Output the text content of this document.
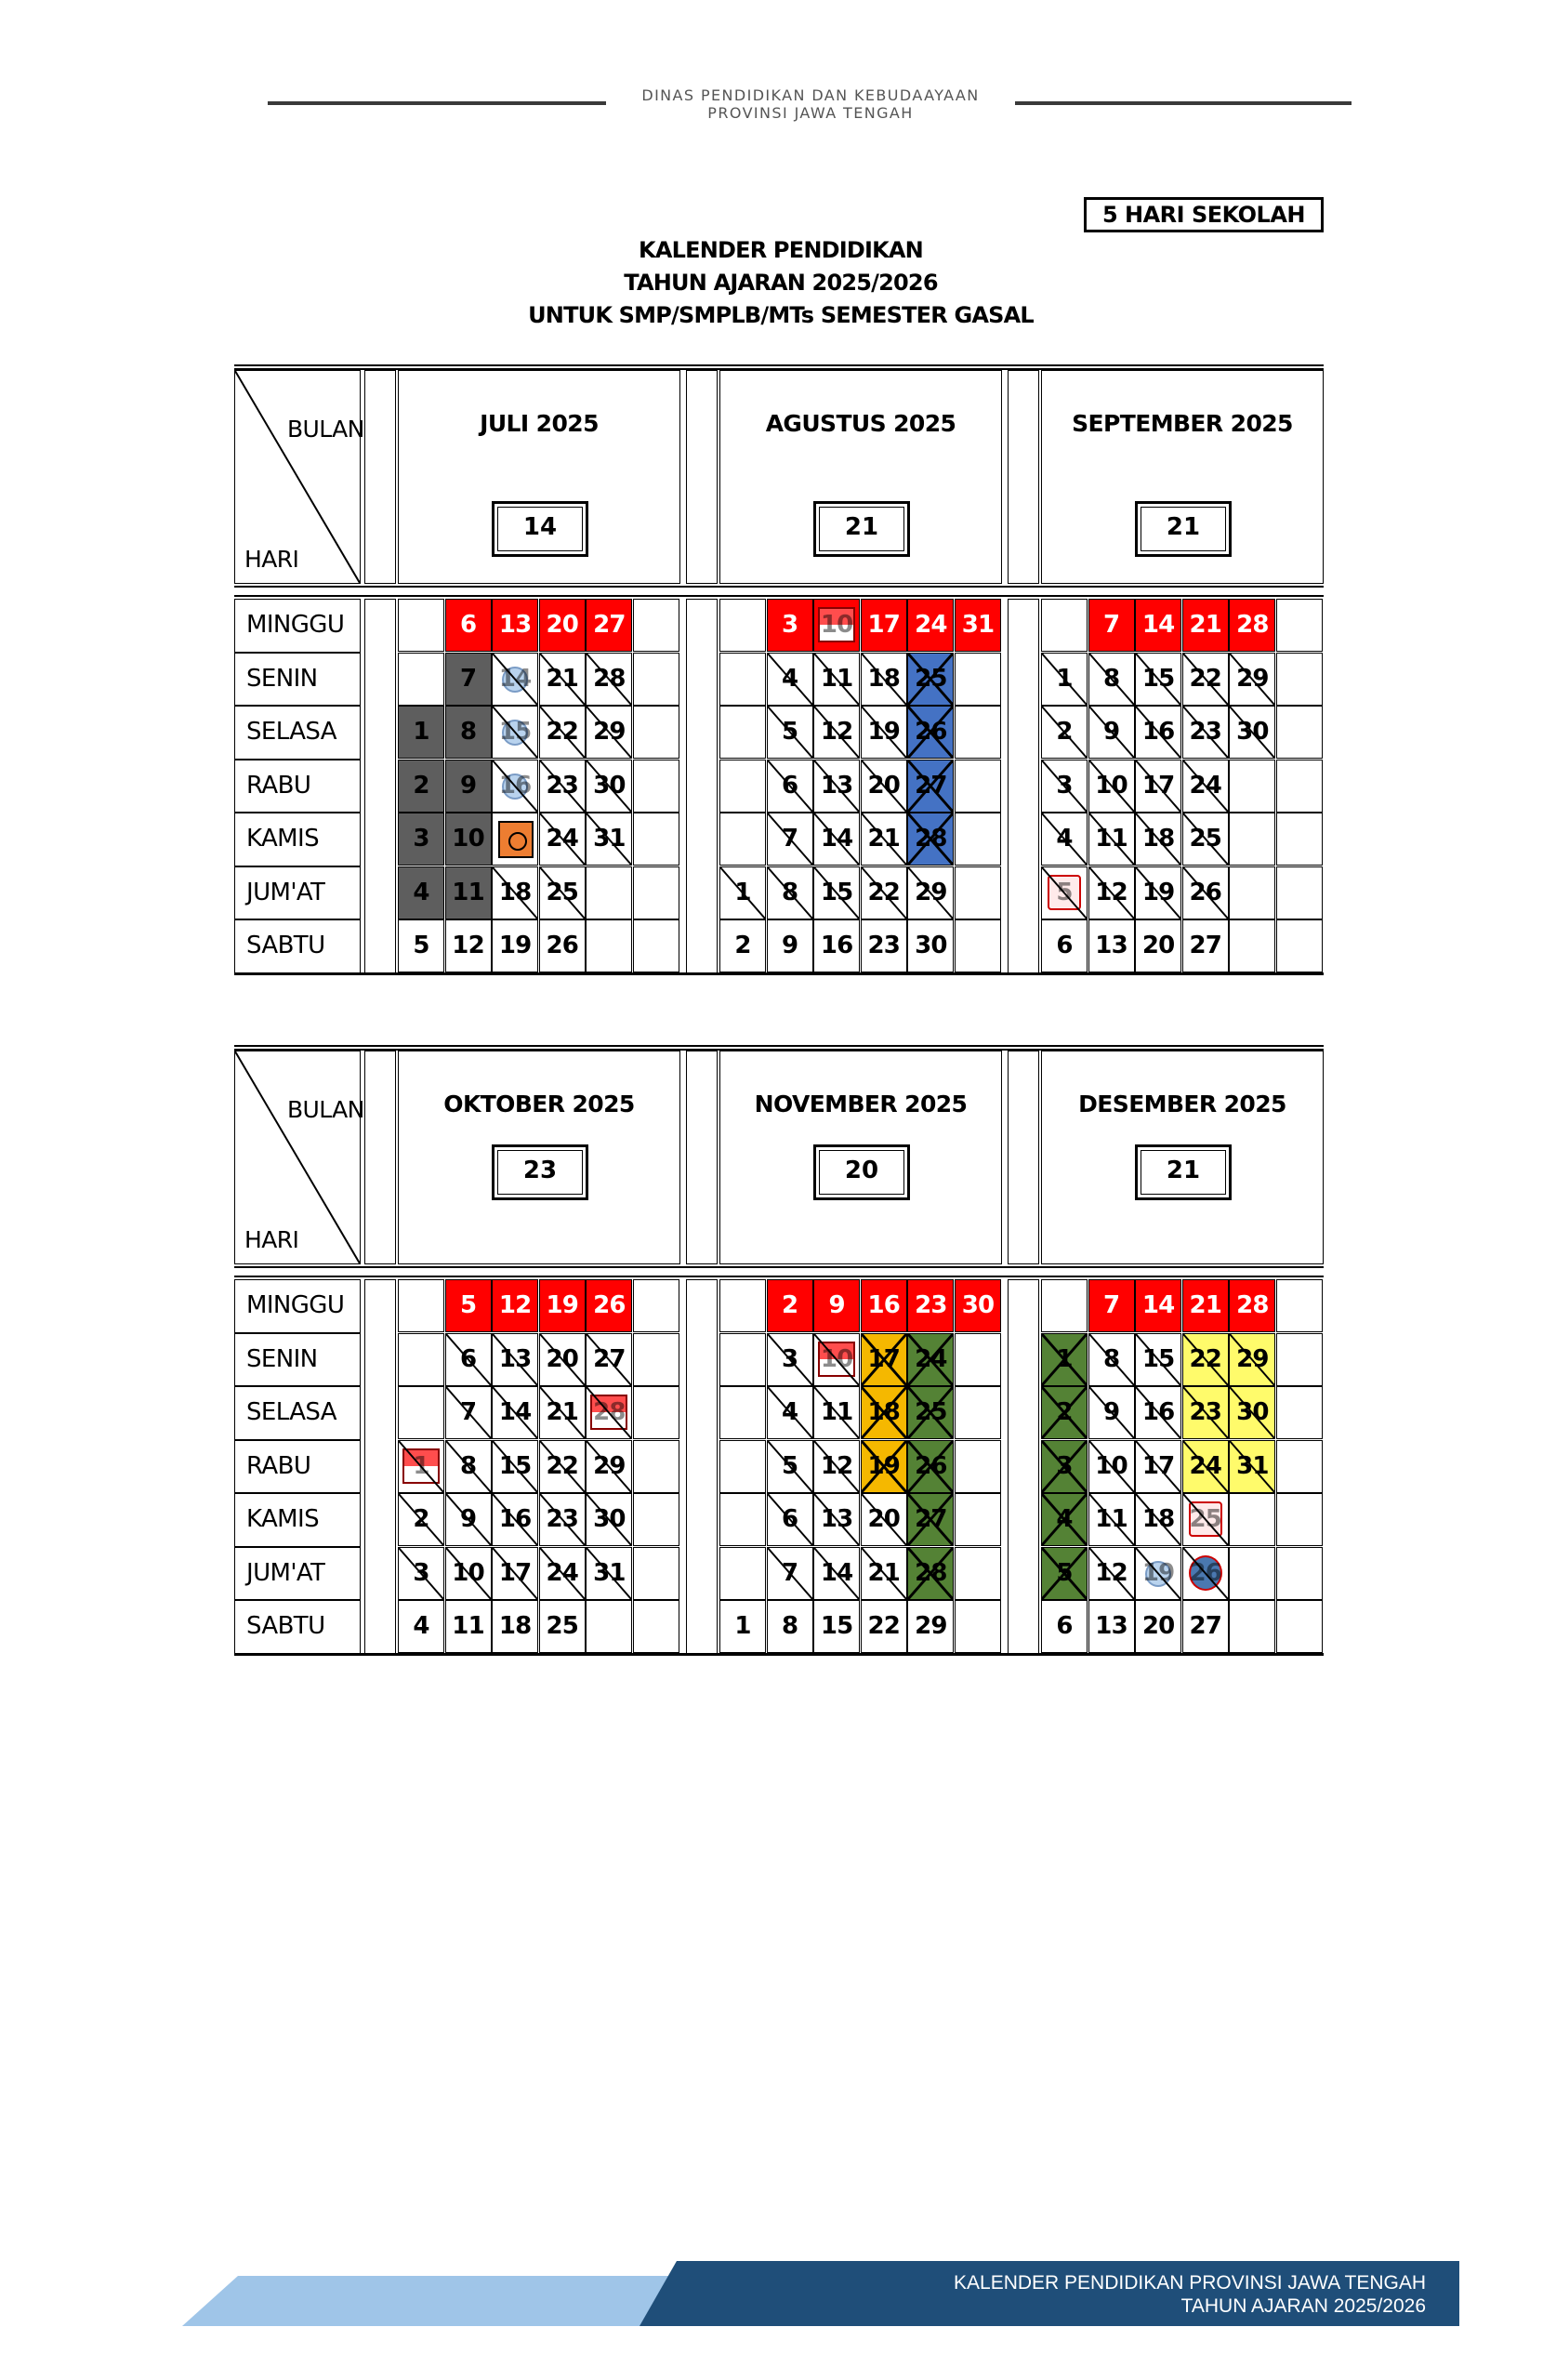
DINAS PENDIDIKAN DAN KEBUDAAYAAN
PROVINSI JAWA TENGAH
5 HARI SEKOLAH
KALENDER PENDIDIKAN
TAHUN AJARAN 2025/2026
UNTUK SMP/SMPLB/MTs SEMESTER GASAL
BULAN
HARI
JULI 2025
14
AGUSTUS 2025
21
SEPTEMBER 2025
21
MINGGU
SENIN
SELASA
RABU
KAMIS
JUM'AT
SABTU
1
2
3
4
5
6
7
8
9
10
11
12
13
14
15
16
18
19
20
21
22
23
24
25
26
27
28
29
30
31
1
2
3
4
5
6
7
8
9
10
11
12
13
14
15
16
17
18
19
20
21
22
23
24
25
26
27
28
29
30
31
1
2
3
4
5
6
7
8
9
10
11
12
13
14
15
16
17
18
19
20
21
22
23
24
25
26
27
28
29
30
BULAN
HARI
OKTOBER 2025
23
NOVEMBER 2025
20
DESEMBER 2025
21
MINGGU
SENIN
SELASA
RABU
KAMIS
JUM'AT
SABTU
1
2
3
4
5
6
7
8
9
10
11
12
13
14
15
16
17
18
19
20
21
22
23
24
25
26
27
28
29
30
31
1
2
3
4
5
6
7
8
9
10
11
12
13
14
15
16
17
18
19
20
21
22
23
24
25
26
27
28
29
30
1
2
3
4
5
6
7
8
9
10
11
12
13
14
15
16
17
18
19
20
21
22
23
24
25
26
27
28
29
30
31
KALENDER PENDIDIKAN PROVINSI JAWA TENGAH
TAHUN AJARAN 2025/2026
